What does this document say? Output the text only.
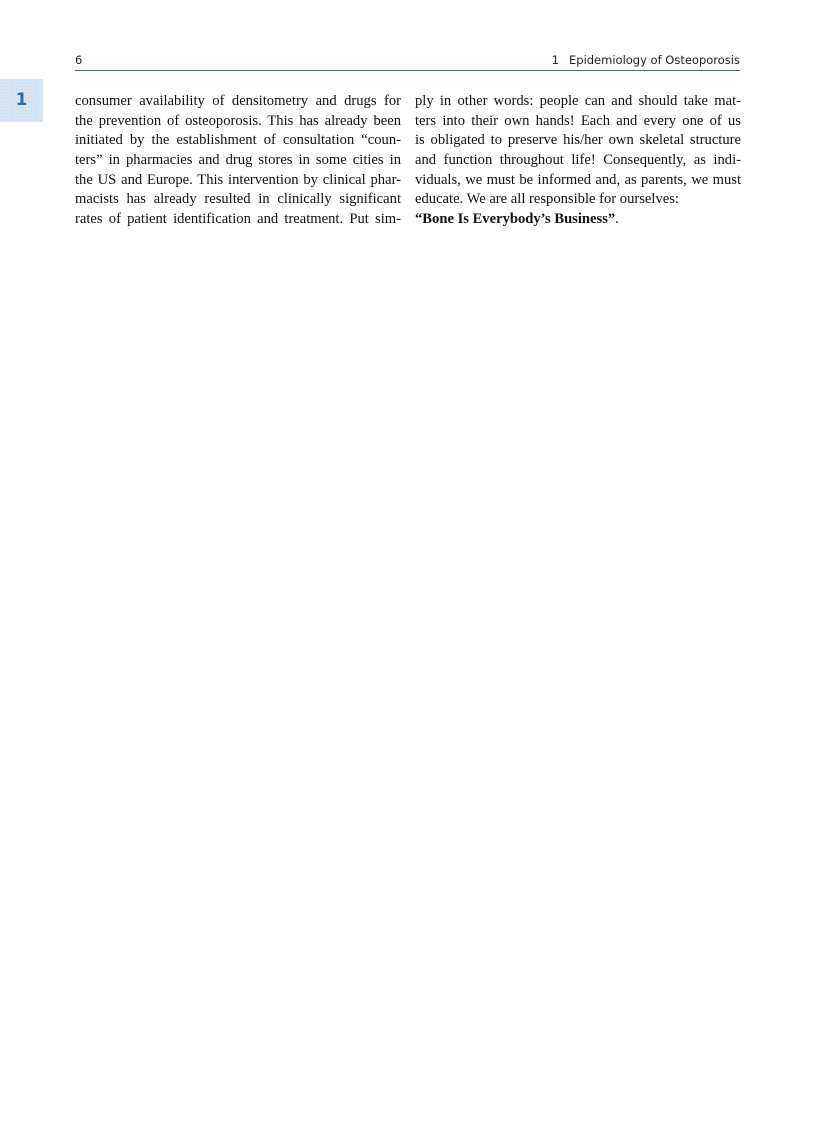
6	1 Epidemiology of Osteoporosis
1	consumer availability of densitometry and drugs for
the prevention of osteoporosis. This has already been
initiated by the establishment of consultation “coun-
ters” in pharmacies and drug stores in some cities in
the US and Europe. This intervention by clinical phar-
macists has already resulted in clinically significant
rates of patient identification and treatment. Put sim-
ply in other words: people can and should take mat-
ters into their own hands! Each and every one of us
is obligated to preserve his/her own skeletal structure
and function throughout life! Consequently, as indi-
viduals, we must be informed and, as parents, we must
educate. We are all responsible for ourselves:
“Bone Is Everybody’s Business”.
